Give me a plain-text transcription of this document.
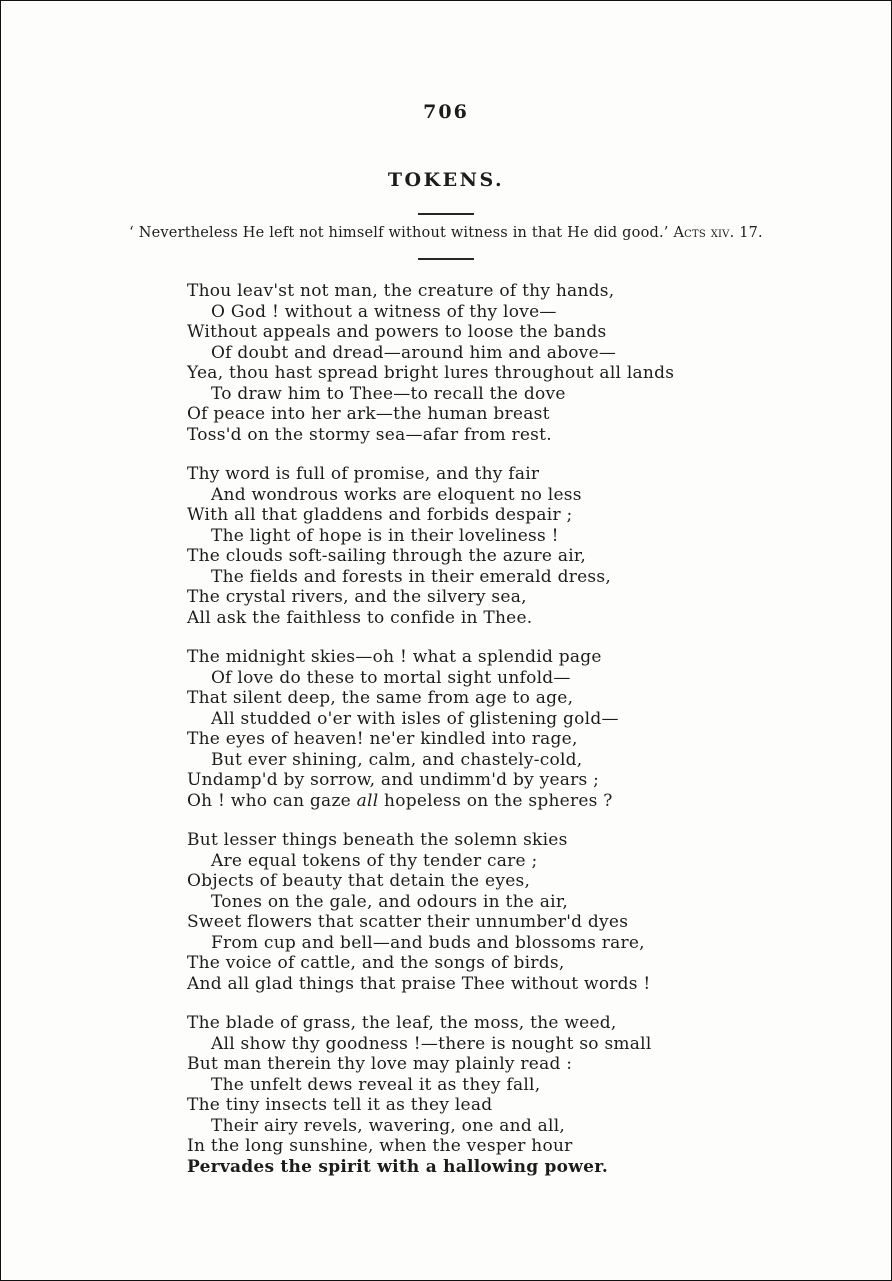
706
TOKENS.
‘ Nevertheless He left not himself without witness in that He did good.’ Acts xiv. 17.
Thou leav'st not man, the creature of thy hands,
O God ! without a witness of thy love—
Without appeals and powers to loose the bands
Of doubt and dread—around him and above—
Yea, thou hast spread bright lures throughout all lands
To draw him to Thee—to recall the dove
Of peace into her ark—the human breast
Toss'd on the stormy sea—afar from rest.
Thy word is full of promise, and thy fair
And wondrous works are eloquent no less
With all that gladdens and forbids despair ;
The light of hope is in their loveliness !
The clouds soft-sailing through the azure air,
The fields and forests in their emerald dress,
The crystal rivers, and the silvery sea,
All ask the faithless to confide in Thee.
The midnight skies—oh ! what a splendid page
Of love do these to mortal sight unfold—
That silent deep, the same from age to age,
All studded o'er with isles of glistening gold—
The eyes of heaven! ne'er kindled into rage,
But ever shining, calm, and chastely-cold,
Undamp'd by sorrow, and undimm'd by years ;
Oh ! who can gaze all hopeless on the spheres ?
But lesser things beneath the solemn skies
Are equal tokens of thy tender care ;
Objects of beauty that detain the eyes,
Tones on the gale, and odours in the air,
Sweet flowers that scatter their unnumber'd dyes
From cup and bell—and buds and blossoms rare,
The voice of cattle, and the songs of birds,
And all glad things that praise Thee without words !
The blade of grass, the leaf, the moss, the weed,
All show thy goodness !—there is nought so small
But man therein thy love may plainly read :
The unfelt dews reveal it as they fall,
The tiny insects tell it as they lead
Their airy revels, wavering, one and all,
In the long sunshine, when the vesper hour
Pervades the spirit with a hallowing power.
